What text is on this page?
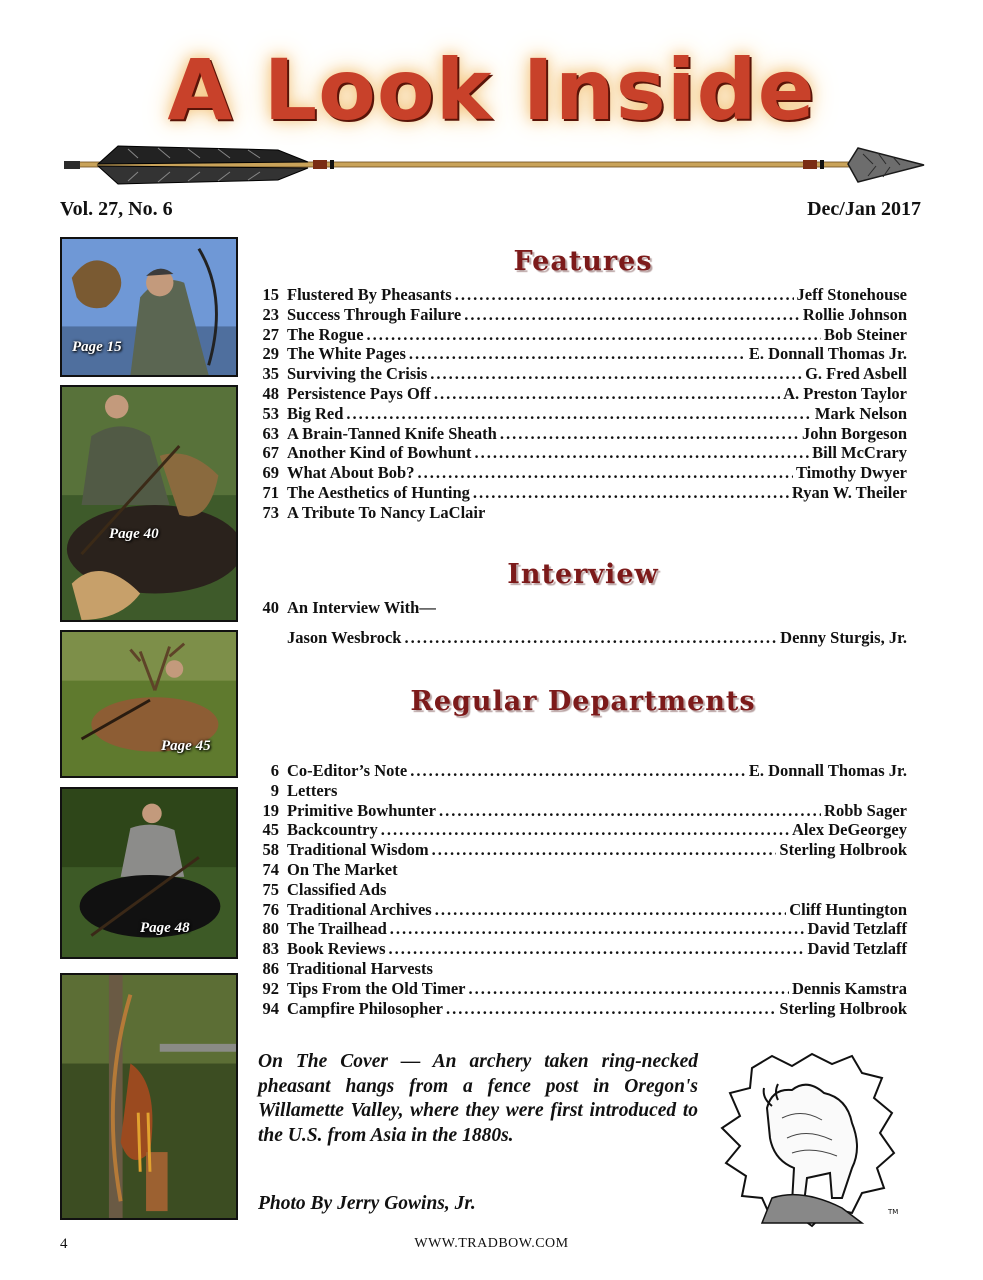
A Look Inside
Vol. 27, No. 6	Dec/Jan 2017
Page 15
Page 40
Page 45
Page 48
Features
15 Flustered By Pheasants .....	Jeff Stonehouse
23 Success Through Failure .....	Rollie Johnson
27 The Rogue .....	Bob Steiner
29 The White Pages .....	E. Donnall Thomas Jr.
35 Surviving the Crisis .....	G. Fred Asbell
48 Persistence Pays Off .....	A. Preston Taylor
53 Big Red .....	Mark Nelson
63 A Brain-Tanned Knife Sheath .....	John Borgeson
67 Another Kind of Bowhunt .....	Bill McCrary
69 What About Bob? .....	Timothy Dwyer
71 The Aesthetics of Hunting .....	Ryan W. Theiler
73 A Tribute To Nancy LaClair
Interview
40 An Interview With—
Jason Wesbrock .....	Denny Sturgis, Jr.
Regular Departments
6 Co-Editor’s Note .....	E. Donnall Thomas Jr.
9 Letters
19 Primitive Bowhunter .....	Robb Sager
45 Backcountry .....	Alex DeGeorgey
58 Traditional Wisdom .....	Sterling Holbrook
74 On The Market
75 Classified Ads
76 Traditional Archives .....	Cliff Huntington
80 The Trailhead .....	David Tetzlaff
83 Book Reviews .....	David Tetzlaff
86 Traditional Harvests
92 Tips From the Old Timer .....	Dennis Kamstra
94 Campfire Philosopher .....	Sterling Holbrook
On The Cover — An archery taken ring-necked pheasant hangs from a fence post in Oregon's Willamette Valley, where they were first introduced to the U.S. from Asia in the 1880s.
Photo By Jerry Gowins, Jr.	TM
4	WWW.TRADBOW.COM
